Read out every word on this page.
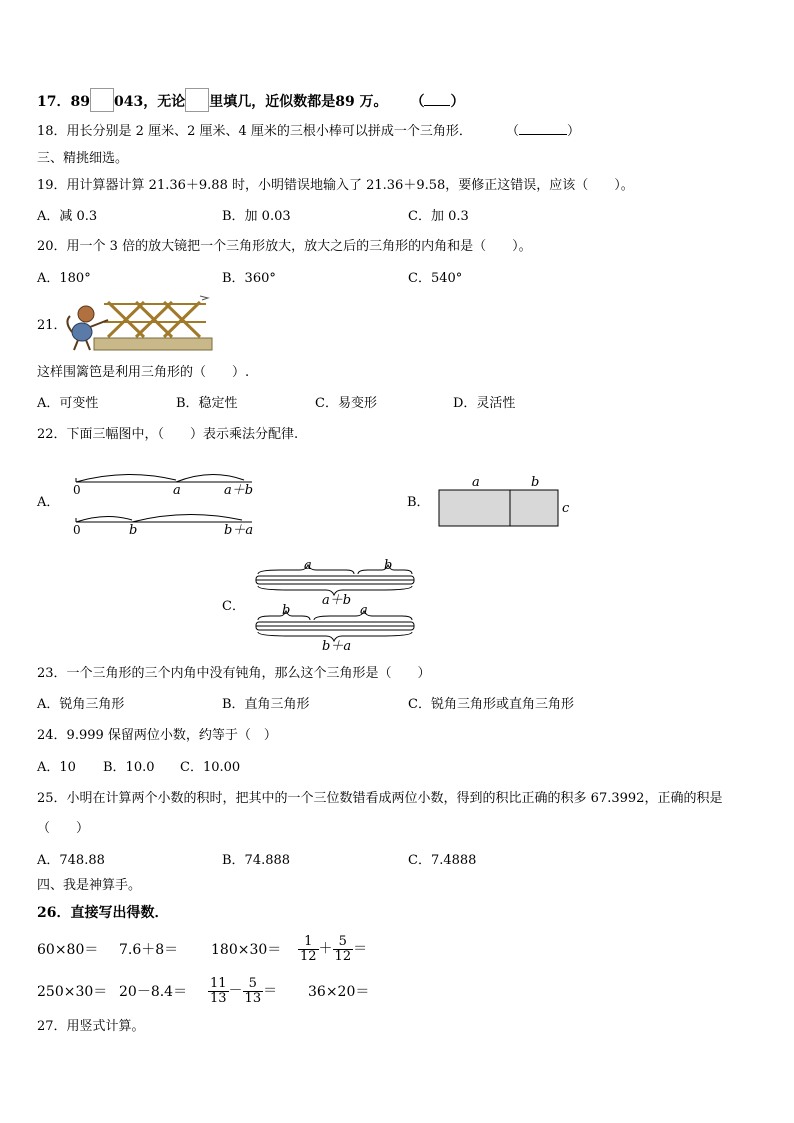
17．89 043，无论 里填几，近似数都是89 万。 （ ）
18．用长分别是 2 厘米、2 厘米、4 厘米的三根小棒可以拼成一个三角形．	（	）
三、精挑细选。
19．用计算器计算 21.36＋9.88 时，小明错误地输入了 21.36＋9.58，要修正这错误，应该（　　）。
A．减 0.3	B．加 0.03	C．加 0.3
20．用一个 3 倍的放大镜把一个三角形放大，放大之后的三角形的内角和是（　　）。
A．180°	B．360°	C．540°
21．
这样围篱笆是利用三角形的（　　）.
A．可变性	B．稳定性	C．易变形	D．灵活性
22．下面三幅图中，（　　）表示乘法分配律.
A．
0	a	a＋b
0	b	b＋a
B．
a	b
c
C．
a	b
a＋b
b	a
b＋a
23．一个三角形的三个内角中没有钝角，那么这个三角形是（　　）
A．锐角三角形	B．直角三角形	C．锐角三角形或直角三角形
24．9.999 保留两位小数，约等于（　）
A．10 B．10.0 C．10.00
25．小明在计算两个小数的积时，把其中的一个三位数错看成两位小数，得到的积比正确的积多 67.3992，正确的积是
（　　）
A．748.88	B．74.888	C．7.4888
四、我是神算手。
26．直接写出得数．
$60\times 80= 7.6+8= 180\times 30= \frac{1}{12} + \frac{5}{12}$ ＝
$250\times 30= 20-8.4= \frac{11}{13} - \frac{5}{13} = 36\times 20=$
27．用竖式计算。
